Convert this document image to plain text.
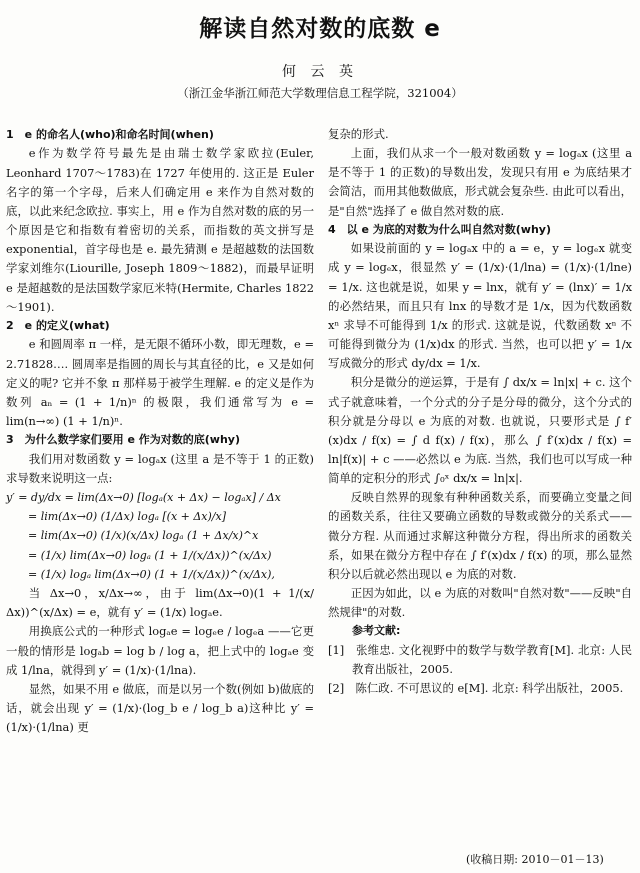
解读自然对数的底数 e
何 云 英
（浙江金华浙江师范大学数理信息工程学院，321004）

1　e 的命名人(who)和命名时间(when)

e作为数学符号最先是由瑞士数学家欧拉(Euler, Leonhard 1707～1783)在 1727 年使用的. 这正是 Euler 名字的第一个字母，后来人们确定用 e 来作为自然对数的底，以此来纪念欧拉. 事实上，用 e 作为自然对数的底的另一个原因是它和指数有着密切的关系，而指数的英文拼写是 exponential，首字母也是 e. 最先猜测 e 是超越数的法国数学家刘维尔(Liourille, Joseph 1809～1882)，而最早证明 e 是超越数的是法国数学家厄米特(Hermite, Charles 1822～1901).

2　e 的定义(what)

e 和圆周率 π 一样，是无限不循环小数，即无理数，e = 2.71828…. 圆周率是指圆的周长与其直径的比，e 又是如何定义的呢? 它并不象 π 那样易于被学生理解. e 的定义是作为数列 aₙ = (1 + 1/n)ⁿ 的极限，我们通常写为 e = lim(n→∞) (1 + 1/n)ⁿ.

3　为什么数学家们要用 e 作为对数的底(why)

我们用对数函数 y = logₐx (这里 a 是不等于 1 的正数)求导数来说明这一点:

y′ = dy/dx = lim(Δx→0) [logₐ(x + Δx) − logₐx] / Δx
= lim(Δx→0) (1/Δx) logₐ [(x + Δx)/x]
= lim(Δx→0) (1/x)(x/Δx) logₐ (1 + Δx/x)^x
= (1/x) lim(Δx→0) logₐ (1 + 1/(x/Δx))^(x/Δx)
= (1/x) logₐ lim(Δx→0) (1 + 1/(x/Δx))^(x/Δx),

当 Δx→0，x/Δx→∞，由于 lim(Δx→0)(1 + 1/(x/Δx))^(x/Δx) = e，就有 y′ = (1/x) logₐe.

用换底公式的一种形式 logₐe = logₑe / logₑa ——它更一般的情形是 logₐb = log b / log a，把上式中的 logₐe 变成 1/lna，就得到 y′ = (1/x)·(1/lna).

显然，如果不用 e 做底，而是以另一个数(例如 b)做底的话，就会出现 y′ = (1/x)·(log_b e / log_b a)这种比 y′ = (1/x)·(1/lna) 更

复杂的形式.

上面，我们从求一个一般对数函数 y = logₐx (这里 a 是不等于 1 的正数)的导数出发，发现只有用 e 为底结果才会简洁，而用其他数做底，形式就会复杂些. 由此可以看出，是"自然"选择了 e 做自然对数的底.

4　以 e 为底的对数为什么叫自然对数(why)

如果设前面的 y = logₐx 中的 a = e，y = logₑx 就变成 y = logₑx，很显然 y′ = (1/x)·(1/lna) = (1/x)·(1/lne) = 1/x. 这也就是说，如果 y = lnx，就有 y′ = (lnx)′ = 1/x 的必然结果，而且只有 lnx 的导数才是 1/x，因为代数函数 xⁿ 求导不可能得到 1/x 的形式. 这就是说，代数函数 xⁿ 不可能得到微分为 (1/x)dx 的形式. 当然，也可以把 y′ = 1/x 写成微分的形式 dy/dx = 1/x.

积分是微分的逆运算，于是有 ∫ dx/x = ln|x| + c. 这个式子就意味着，一个分式的分子是分母的微分，这个分式的积分就是分母以 e 为底的对数. 也就说，只要形式是 ∫ f′(x)dx / f(x) = ∫ d f(x) / f(x)，那么 ∫ f′(x)dx / f(x) = ln|f(x)| + c ——必然以 e 为底. 当然，我们也可以写成一种简单的定积分的形式 ∫₀ˣ dx/x = ln|x|.

反映自然界的现象有种种函数关系，而要确立变量之间的函数关系，往往又要确立函数的导数或微分的关系式——微分方程. 从而通过求解这种微分方程，得出所求的函数关系，如果在微分方程中存在 ∫ f′(x)dx / f(x) 的项，那么显然积分以后就必然出现以 e 为底的对数.

正因为如此，以 e 为底的对数叫"自然对数"——反映"自然规律"的对数.

参考文献:

[1]　张维忠. 文化视野中的数学与数学教育[M]. 北京: 人民教育出版社，2005.

[2]　陈仁政. 不可思议的 e[M]. 北京: 科学出版社，2005.

(收稿日期: 2010－01－13)
